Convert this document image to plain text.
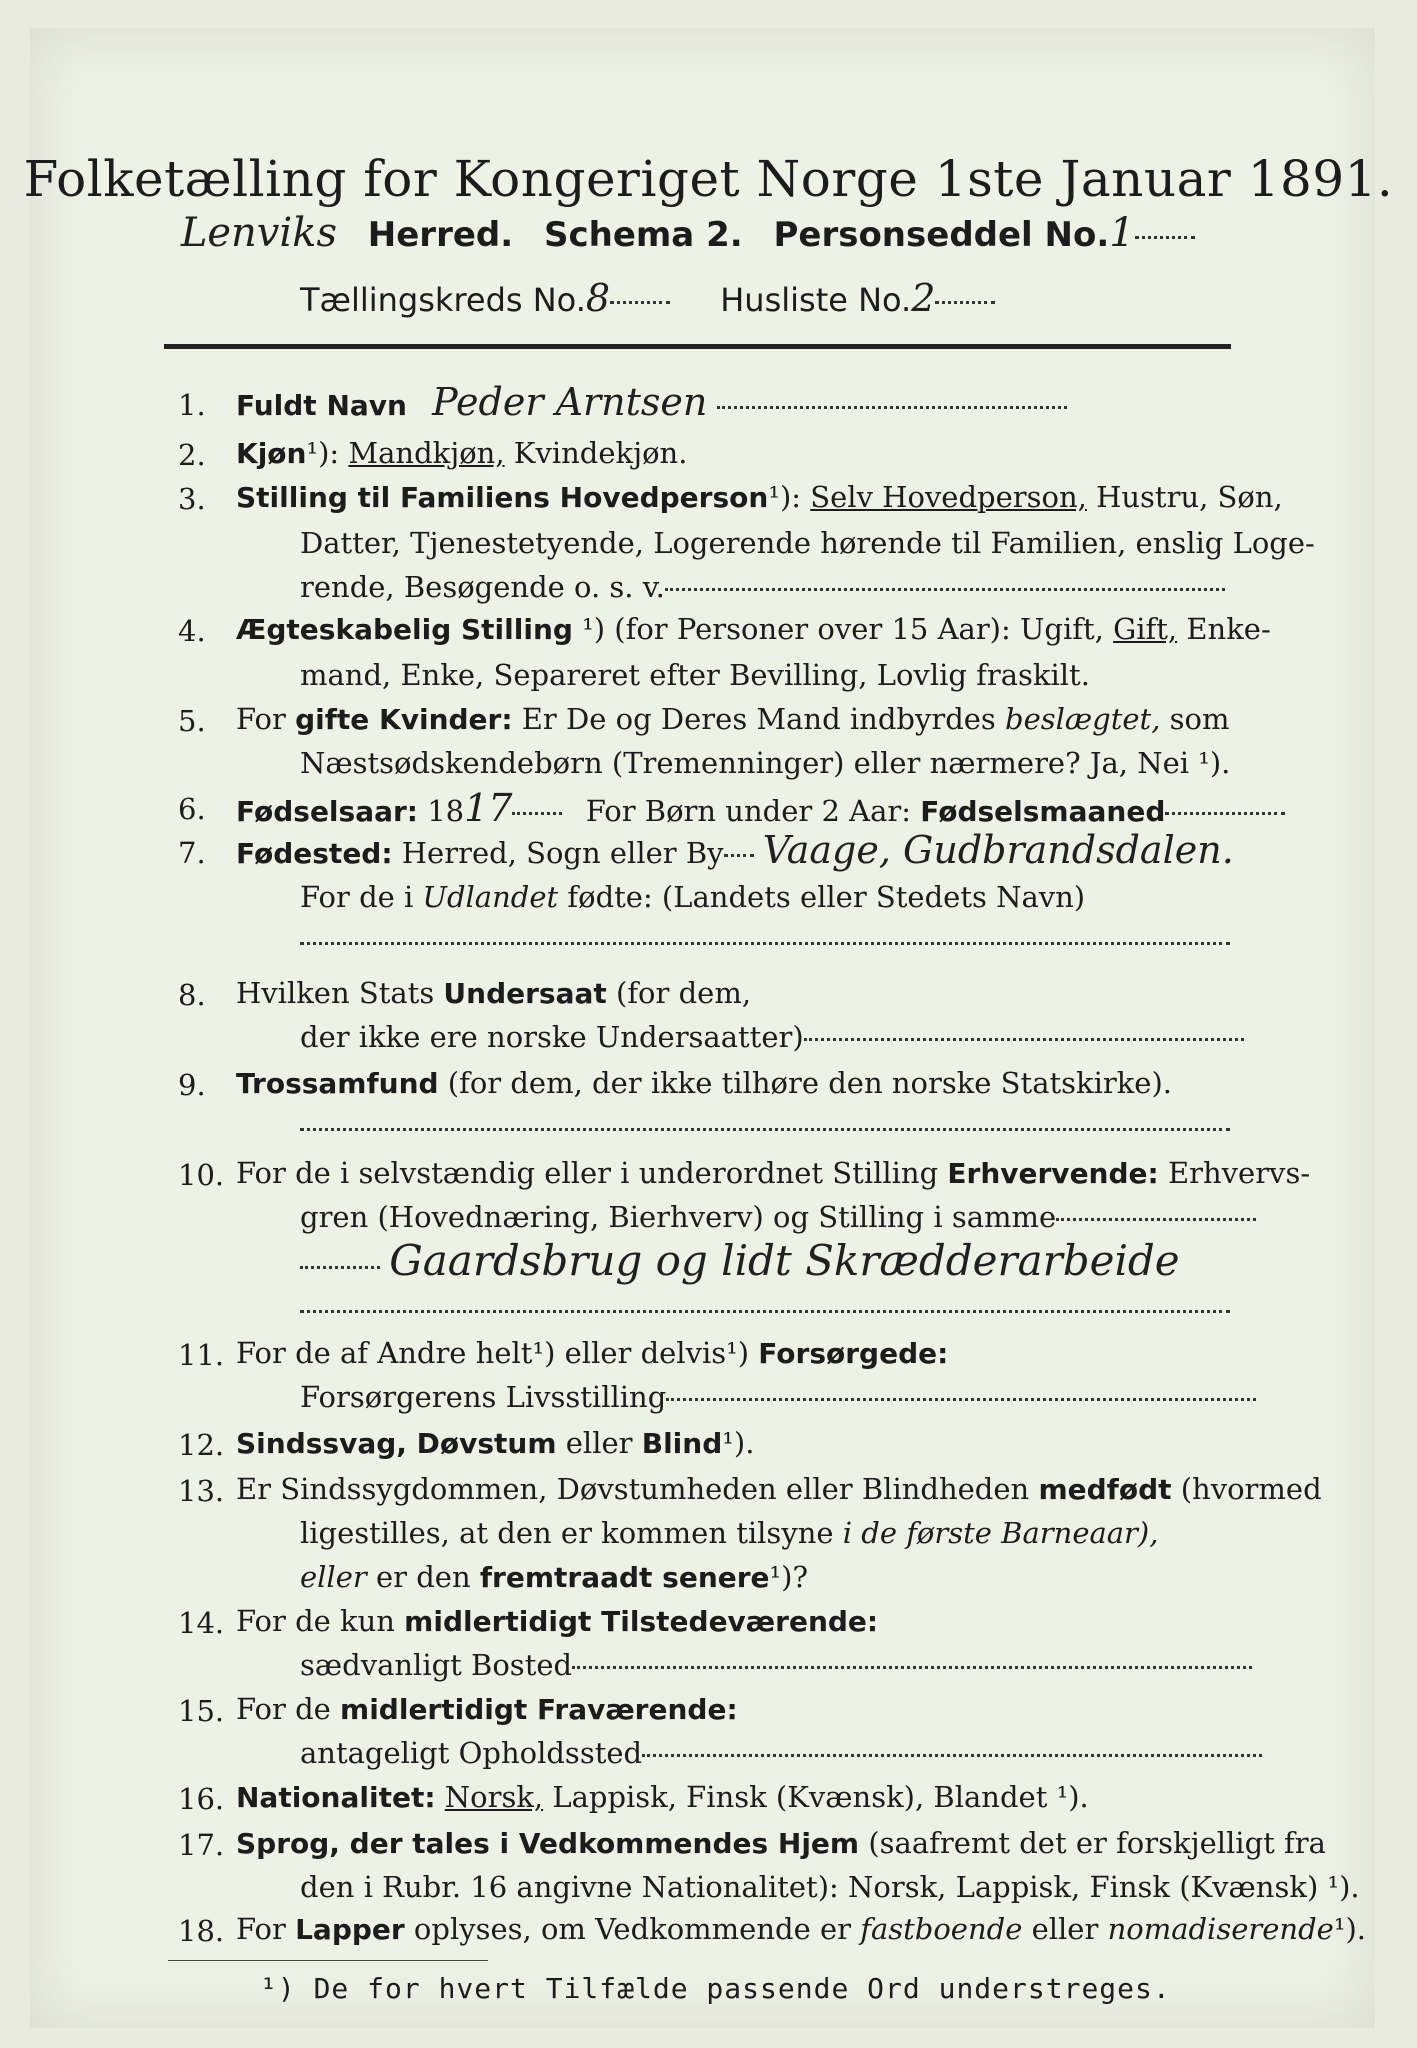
Folketælling for Kongeriget Norge 1ste Januar 1891.
Lenviks Herred. Schema 2. Personseddel No.1
Tællingskreds No.8	Husliste No.2
1. Fuldt Navn Peder Arntsen
2. Kjøn¹): Mandkjøn, Kvindekjøn.
3. Stilling til Familiens Hovedperson¹): Selv Hovedperson, Hustru, Søn,
Datter, Tjenestetyende, Logerende hørende til Familien, enslig Loge-
rende, Besøgende o. s. v.
4. Ægteskabelig Stilling ¹) (for Personer over 15 Aar): Ugift, Gift, Enke-
mand, Enke, Separeret efter Bevilling, Lovlig fraskilt.
5. For gifte Kvinder: Er De og Deres Mand indbyrdes beslægtet, som
Næstsødskendebørn (Tremenninger) eller nærmere? Ja, Nei ¹).
6. Fødselsaar: 1817	For Børn under 2 Aar: Fødselsmaaned
7. Fødested: Herred, Sogn eller By Vaage, Gudbrandsdalen.
For de i Udlandet fødte: (Landets eller Stedets Navn)
8. Hvilken Stats Undersaat (for dem,
der ikke ere norske Undersaatter)
9. Trossamfund (for dem, der ikke tilhøre den norske Statskirke).
10. For de i selvstændig eller i underordnet Stilling Erhvervende: Erhvervs-
gren (Hovednæring, Bierhverv) og Stilling i samme
Gaardsbrug og lidt Skrædderarbeide
11. For de af Andre helt¹) eller delvis¹) Forsørgede:
Forsørgerens Livsstilling
12. Sindssvag, Døvstum eller Blind¹).
13. Er Sindssygdommen, Døvstumheden eller Blindheden medfødt (hvormed
ligestilles, at den er kommen tilsyne i de første Barneaar),
eller er den fremtraadt senere¹)?
14. For de kun midlertidigt Tilstedeværende:
sædvanligt Bosted
15. For de midlertidigt Fraværende:
antageligt Opholdssted
16. Nationalitet: Norsk, Lappisk, Finsk (Kvænsk), Blandet ¹).
17. Sprog, der tales i Vedkommendes Hjem (saafremt det er forskjelligt fra
den i Rubr. 16 angivne Nationalitet): Norsk, Lappisk, Finsk (Kvænsk) ¹).
18. For Lapper oplyses, om Vedkommende er fastboende eller nomadiserende¹).
¹) De for hvert Tilfælde passende Ord understreges.
